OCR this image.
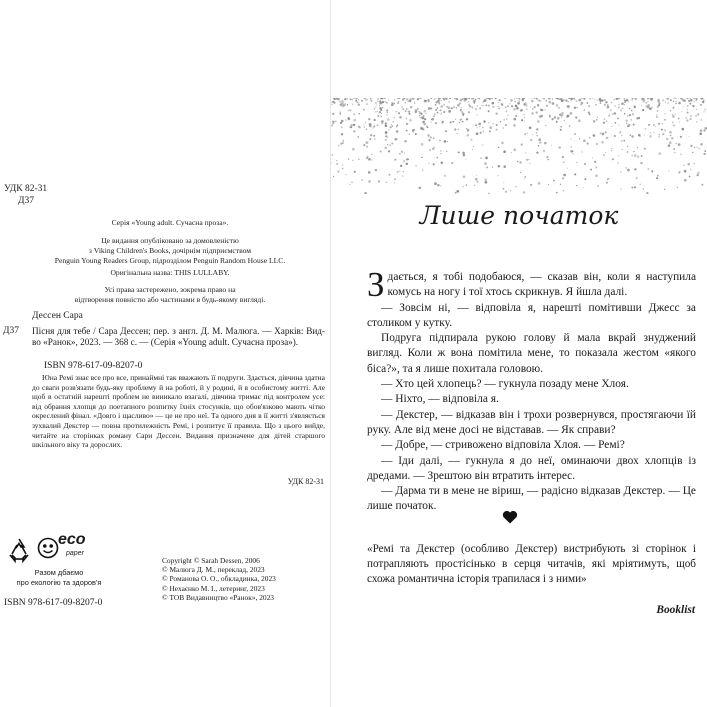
УДК 82-31
Д37
Серія «Young adult. Сучасна проза».
Це видання опубліковано за домовленістю
з Viking Children's Books, дочірнім підприємством
Penguin Young Readers Group, підрозділом Penguin Random House LLC.
Оригінальна назва: THIS LULLABY.
Усі права застережено, зокрема право на
відтворення повністю або частинами в будь-якому вигляді.
Дессен Сара
Д37 Пісня для тебе / Сара Дессен; пер. з англ. Д. М. Малюга. — Харків: Вид-во «Ранок», 2023. — 368 с. — (Серія «Young adult. Сучасна проза»).
ISBN 978-617-09-8207-0
Юна Ремі знає все про все, принаймні так вважають її подруги. Здається, дівчина здатна до сваги розв'язати будь-яку проблему й на роботі, й у родині, й в особистому житті. Але щоб в остатній нарешті проблем не виникало взагалі, дівчина тримає під контролем усе: від обрання хлопця до поетапного розпитку їхніх стосунків, що обов'язково мають чітко окреслений фінал. «Довго і щасливо» — це не про неї. Та одного дня в її житті з'являється зухвалий Декстер — повна протилежність Ремі, і розпитує її правила. Що з цього вийде, читайте на сторінках роману Сари Дессен. Видання призначене для дітей старшого шкільного віку та дорослих.
УДК 82-31
eco
paper
Разом дбаємо
про екологію та здоров'я
ISBN 978-617-09-8207-0
Copyright © Sarah Dessen, 2006
© Малюга Д. М., переклад, 2023
© Романова О. О., обкладинка, 2023
© Нехаєнко М. І., летеринг, 2023
© ТОВ Видавництво «Ранок», 2023
Лише початок

Здається, я тобі подобаюся, — сказав він, коли я наступила комусь на ногу і тої хтось скрикнув. Я йшла далі.

— Зовсім ні, — відповіла я, нарешті помітивши Джесс за столиком у кутку.

Подруга підпирала рукою голову й мала вкрай знуджений вигляд. Коли ж вона помітила мене, то показала жестом «якого біса?», та я лише похитала головою.

— Хто цей хлопець? — гукнула позаду мене Хлоя.

— Ніхто, — відповіла я.

— Декстер, — відказав він і трохи розвернувся, простягаючи їй руку. Але від мене досі не відставав. — Як справи?

— Добре, — стривожено відповіла Хлоя. — Ремі?

— Іди далі, — гукнула я до неї, оминаючи двох хлопців із дредами. — Зрештою він втратить інтерес.

— Дарма ти в мене не віриш, — радісно відказав Декстер. — Це лише початок.

«Ремі та Декстер (особливо Декстер) вистрибують зі сторінок і потрапляють простісінько в серця читачів, які мріятимуть, щоб схожа романтична історія трапилася і з ними»
Booklist
